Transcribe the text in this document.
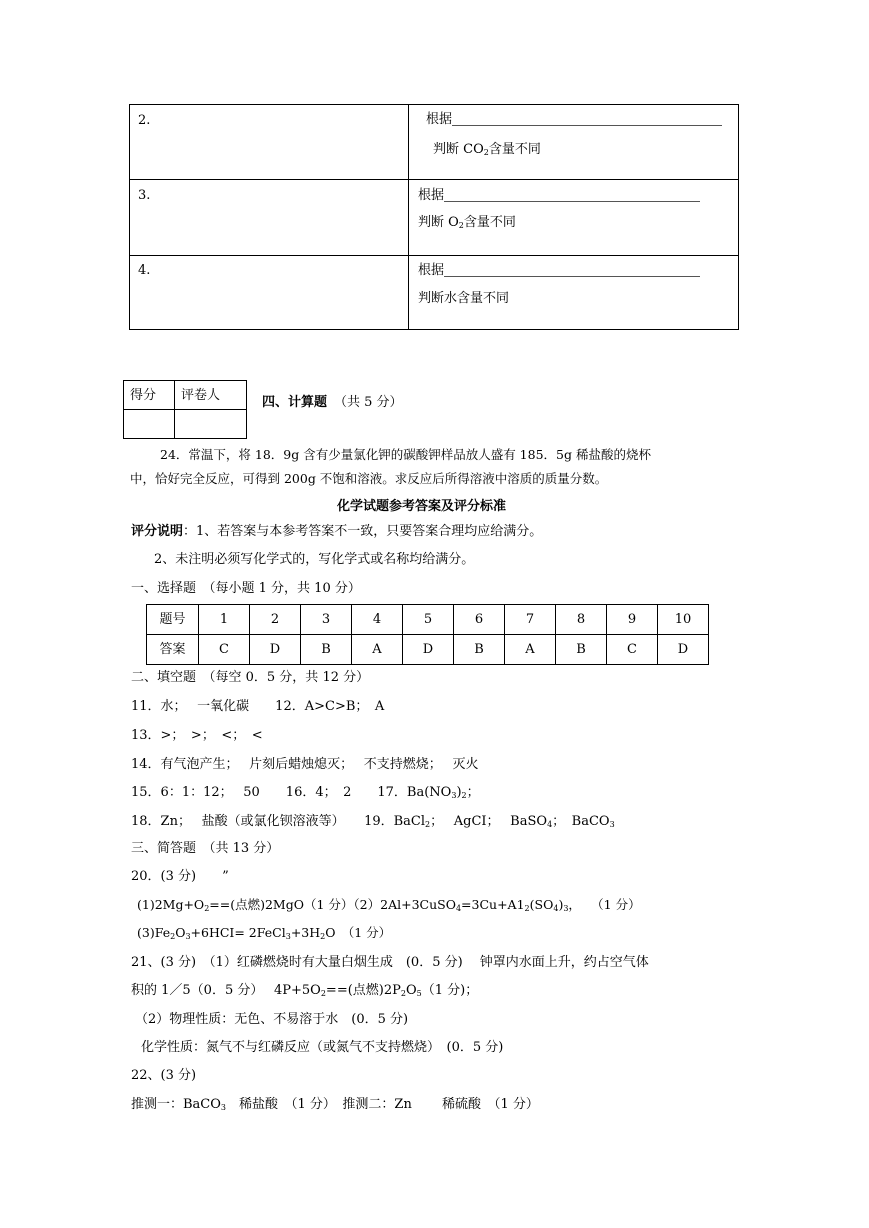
2.	根据
判断 $CO_2$含量不同
3.	根据
判断 $O_2$含量不同
4.	根据
判断水含量不同
得分	评卷人
		四、计算题 （共 5 分）
24．常温下，将 18．9g 含有少量氯化钾的碳酸钾样品放人盛有 185．5g 稀盐酸的烧杯
中，恰好完全反应，可得到 200g 不饱和溶液。求反应后所得溶液中溶质的质量分数。
化学试题参考答案及评分标准
评分说明：1、若答案与本参考答案不一致，只要答案合理均应给满分。
2、未注明必须写化学式的，写化学式或名称均给满分。
一、选择题　（每小题 1 分，共 10 分）
题号	1	2	3	4	5	6	7	8	9	10
答案	C	D	B	A	D	B	A	B	C	D
二、填空题　（每空 0．5 分，共 12 分）
11．水；　 一氧化碳　　12．A>C>B；　A
13．>；　>；　<；　<
14．有气泡产生；　 片刻后蜡烛熄灭；　 不支持燃烧；　 灭火
15．6：1：12；　 50　　16．4；　2　　17．$Ba(NO_3)_2$；
18．Zn；　 盐酸（或氯化钡溶液等）　　19．BaCl$_2$；　 AgCI；　 BaSO$_4$；　BaCO$_3$
三、简答题　（共 13 分）
20．(3 分)　　”
$(1)2Mg+O_2==$(点燃)2MgO（1 分）$(2)2Al+3CuSO_4=3Cu+A1_2(SO_4)_3$，　 （1 分）
$(3)Fe_2O_3+6HCI=$ $2FeCl_3+3H_2O$　（1 分）
21、(3 分)　（1）红磷燃烧时有大量白烟生成　(0．5 分)　 钟罩内水面上升，约占空气体
积的 1／5（0．5 分）　 $4P+5O_2==$(点燃)$2P_2O_5(1$ 分)；
（2）物理性质：无色、不易溶于水　(0．5 分)
化学性质：氮气不与红磷反应（或氮气不支持燃烧）　(0．5 分)
22、(3 分)
推测一：BaCO$_3$　稀盐酸　（1 分）　推测二：Zn　　 稀硫酸　（1 分）
